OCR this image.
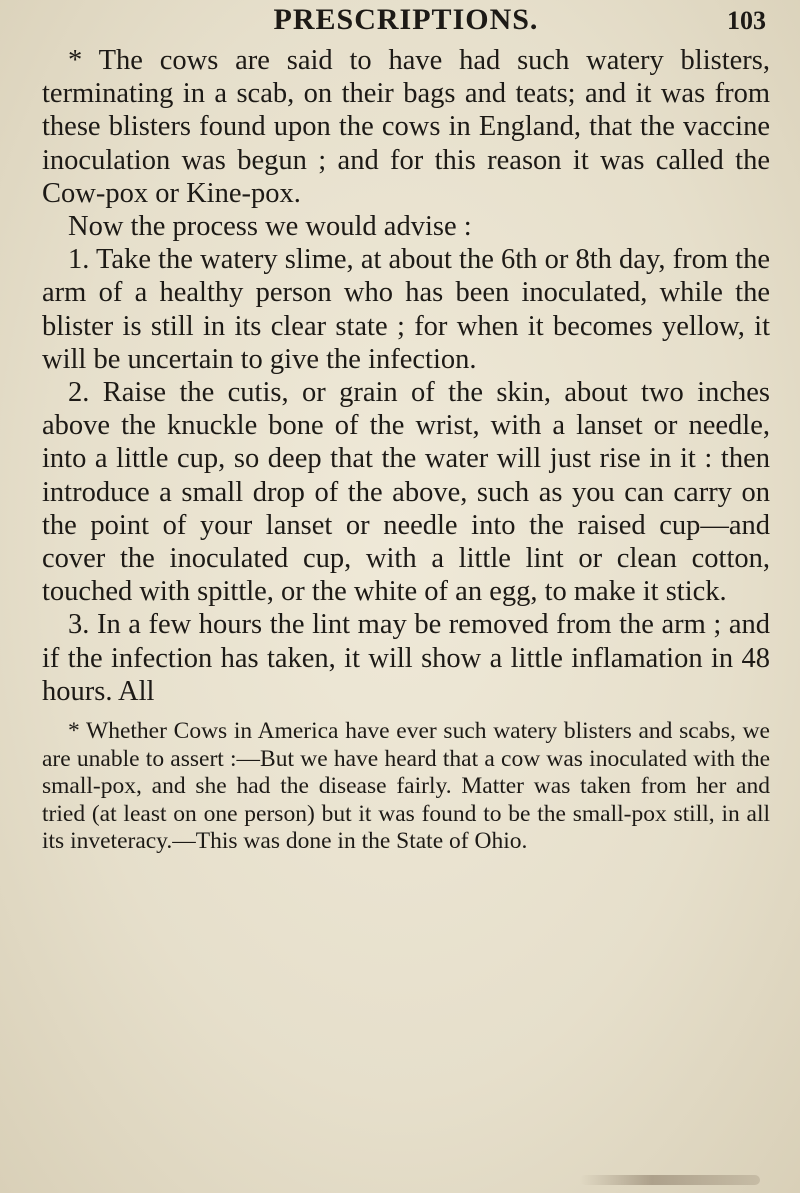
PRESCRIPTIONS.	103

* The cows are said to have had such watery blisters, terminating in a scab, on their bags and teats; and it was from these blisters found upon the cows in England, that the vaccine inoculation was begun ; and for this reason it was called the Cow-pox or Kine-pox.

Now the process we would advise :

1. Take the watery slime, at about the 6th or 8th day, from the arm of a healthy person who has been inoculated, while the blister is still in its clear state ; for when it becomes yellow, it will be uncertain to give the infection.

2. Raise the cutis, or grain of the skin, about two inches above the knuckle bone of the wrist, with a lanset or needle, into a little cup, so deep that the water will just rise in it : then introduce a small drop of the above, such as you can carry on the point of your lanset or needle into the raised cup—and cover the inoculated cup, with a little lint or clean cotton, touched with spittle, or the white of an egg, to make it stick.

3. In a few hours the lint may be removed from the arm ; and if the infection has taken, it will show a little inflamation in 48 hours. All

* Whether Cows in America have ever such watery blisters and scabs, we are unable to assert :—But we have heard that a cow was inoculated with the small-pox, and she had the disease fairly. Matter was taken from her and tried (at least on one person) but it was found to be the small-pox still, in all its inveteracy.—This was done in the State of Ohio.
